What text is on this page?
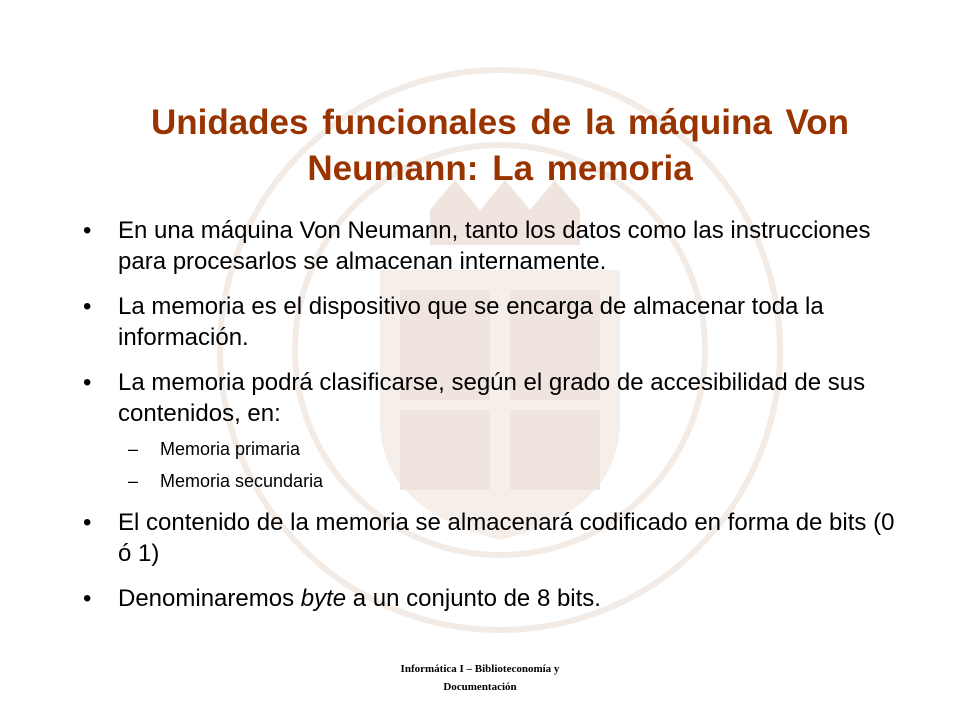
Unidades funcionales de la máquina Von
Neumann: La memoria
• En una máquina Von Neumann, tanto los datos como las instrucciones para procesarlos se almacenan internamente.
• La memoria es el dispositivo que se encarga de almacenar toda la información.
• La memoria podrá clasificarse, según el grado de accesibilidad de sus contenidos, en:
– Memoria primaria
– Memoria secundaria
• El contenido de la memoria se almacenará codificado en forma de bits (0 ó 1)
• Denominaremos byte a un conjunto de 8 bits.
Informática I – Biblioteconomía y
Documentación
